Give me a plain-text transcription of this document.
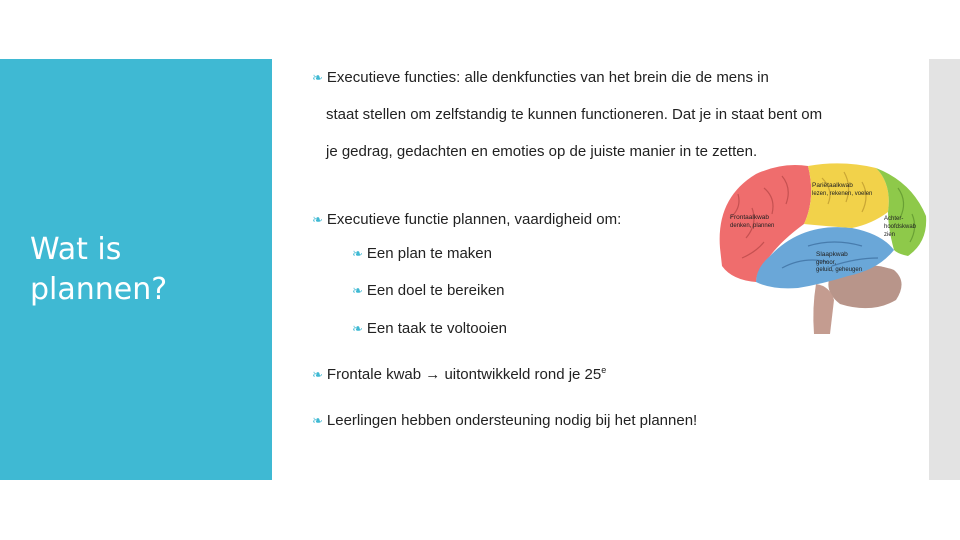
Wat is plannen?
❧ Executieve functies: alle denkfuncties van het brein die de mens in
staat stellen om zelfstandig te kunnen functioneren. Dat je in staat bent om je gedrag, gedachten en emoties op de juiste manier in te zetten.
❧ Executieve functie plannen, vaardigheid om:
❧ Een plan te maken
❧ Een doel te bereiken
❧ Een taak te voltooien
❧ Frontale kwab → uitontwikkeld rond je 25e
❧ Leerlingen hebben ondersteuning nodig bij het plannen!
Pariëtaalkwab
lezen, rekenen, voelen
Frontaalkwab
denken, plannen
Achter-
hoofdskwab
zien
Slaapkwab
gehoor,
geluid, geheugen
